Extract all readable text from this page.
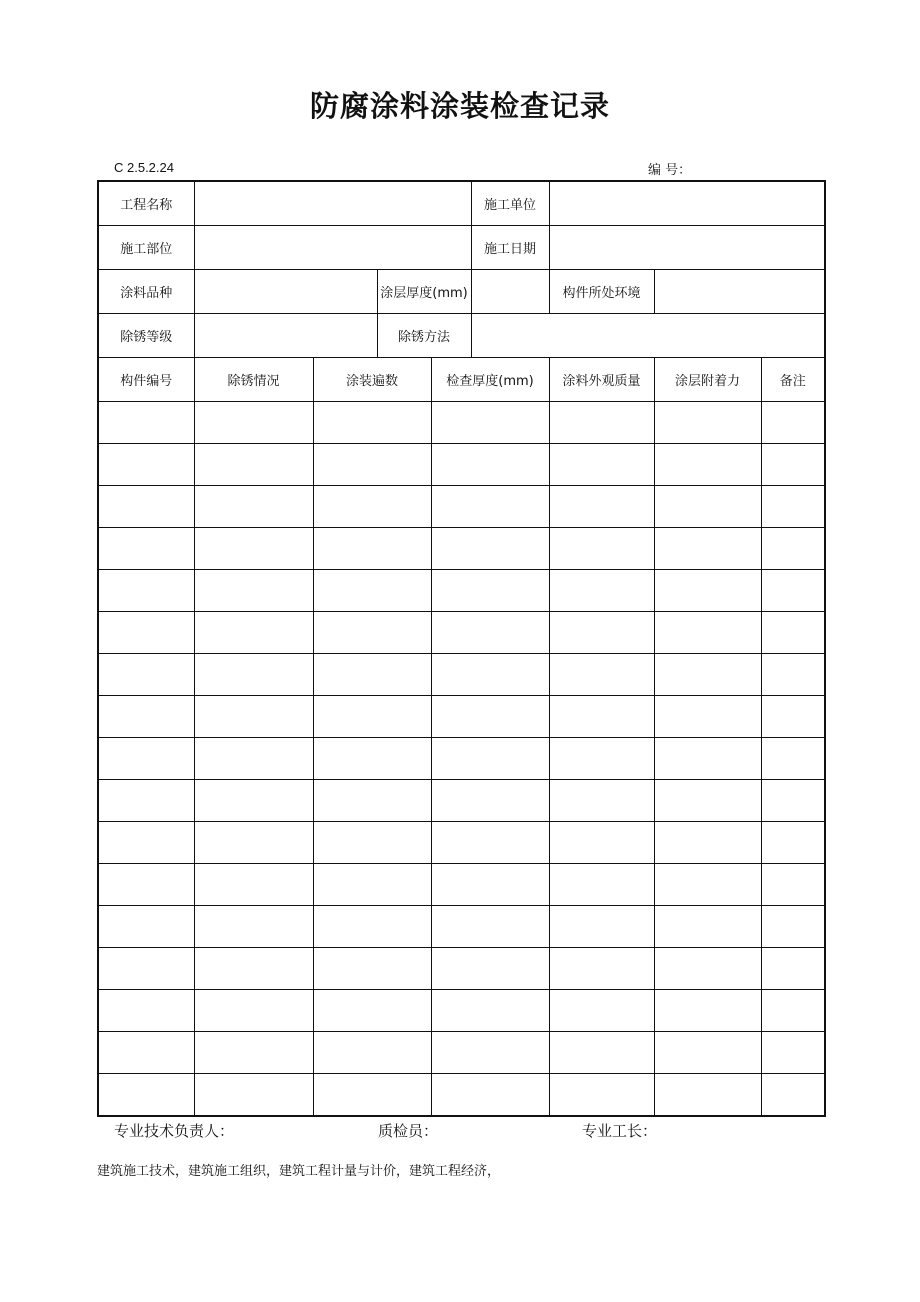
防腐涂料涂装检查记录
C 2.5.2.24	编 号：
工程名称					施工单位			
施工部位					施工日期			
涂料品种			涂层厚度(mm)			构件所处环境		
除锈等级			除锈方法					
构件编号	除锈情况	涂装遍数		检查厚度(mm)		涂料外观质量	涂层附着力	备注

专业技术负责人：	质检员：	专业工长：
建筑施工技术，建筑施工组织，建筑工程计量与计价，建筑工程经济，
